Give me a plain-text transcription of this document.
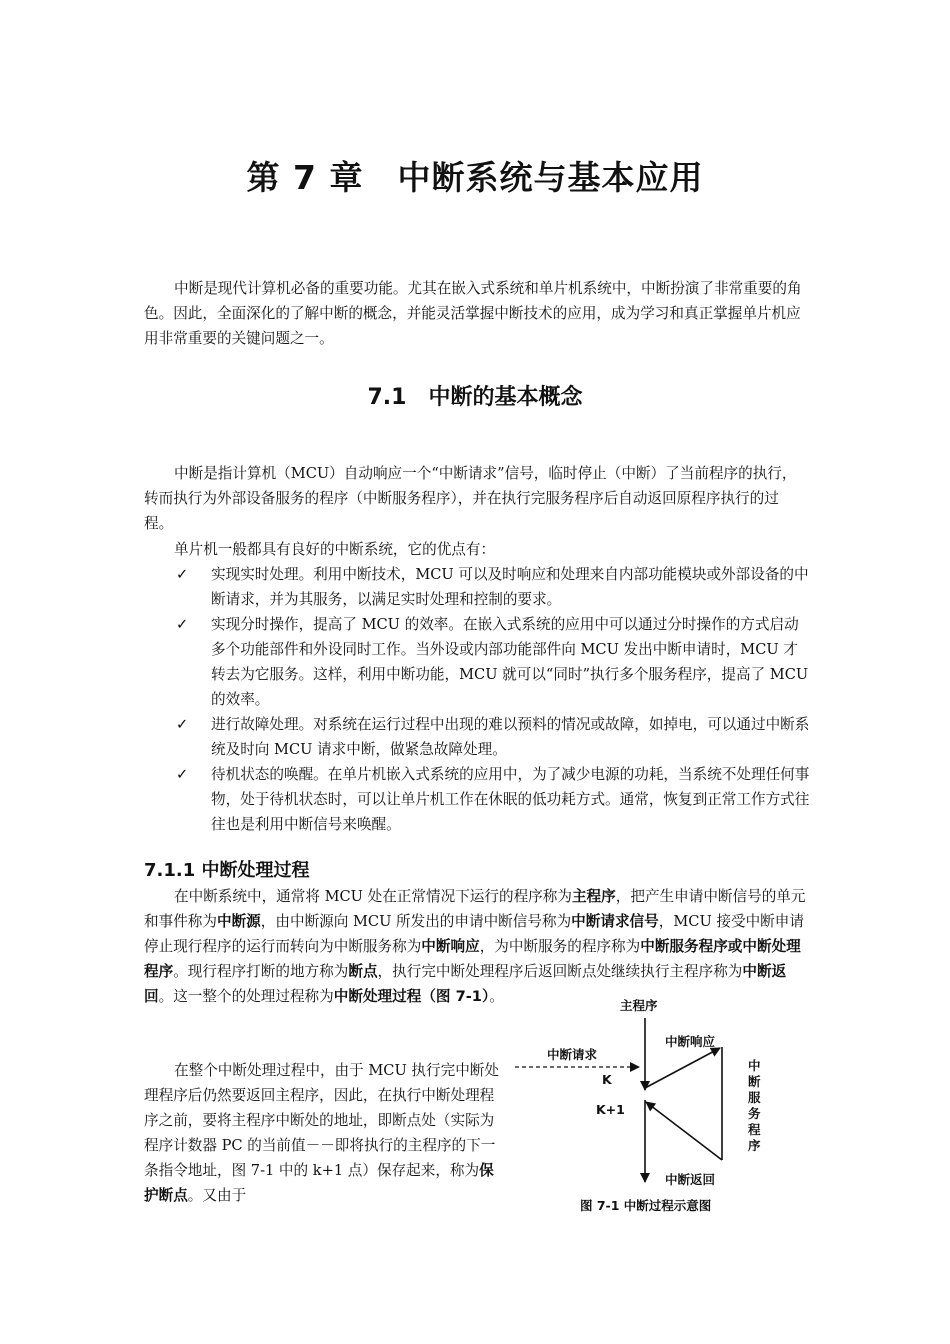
第 7 章　中断系统与基本应用

中断是现代计算机必备的重要功能。尤其在嵌入式系统和单片机系统中，中断扮演了非常重要的角色。因此，全面深化的了解中断的概念，并能灵活掌握中断技术的应用，成为学习和真正掌握单片机应用非常重要的关键问题之一。

7.1　中断的基本概念

中断是指计算机（MCU）自动响应一个“中断请求”信号，临时停止（中断）了当前程序的执行，转而执行为外部设备服务的程序（中断服务程序），并在执行完服务程序后自动返回原程序执行的过程。

单片机一般都具有良好的中断系统，它的优点有：

✓ 实现实时处理。利用中断技术，MCU 可以及时响应和处理来自内部功能模块或外部设备的中断请求，并为其服务，以满足实时处理和控制的要求。
✓ 实现分时操作，提高了 MCU 的效率。在嵌入式系统的应用中可以通过分时操作的方式启动多个功能部件和外设同时工作。当外设或内部功能部件向 MCU 发出中断申请时，MCU 才转去为它服务。这样，利用中断功能，MCU 就可以“同时”执行多个服务程序，提高了 MCU 的效率。
✓ 进行故障处理。对系统在运行过程中出现的难以预料的情况或故障，如掉电，可以通过中断系统及时向 MCU 请求中断，做紧急故障处理。
✓ 待机状态的唤醒。在单片机嵌入式系统的应用中，为了减少电源的功耗，当系统不处理任何事物，处于待机状态时，可以让单片机工作在休眠的低功耗方式。通常，恢复到正常工作方式往往也是利用中断信号来唤醒。
7.1.1 中断处理过程

在中断系统中，通常将 MCU 处在正常情况下运行的程序称为主程序，把产生申请中断信号的单元和事件称为中断源，由中断源向 MCU 所发出的申请中断信号称为中断请求信号，MCU 接受中断申请停止现行程序的运行而转向为中断服务称为中断响应，为中断服务的程序称为中断服务程序或中断处理程序。现行程序打断的地方称为断点，执行完中断处理程序后返回断点处继续执行主程序称为中断返回。这一整个的处理过程称为中断处理过程（图 7-1）。

在整个中断处理过程中，由于 MCU 执行完中断处理程序后仍然要返回主程序，因此，在执行中断处理程序之前，要将主程序中断处的地址，即断点处（实际为程序计数器 PC 的当前值－－即将执行的主程序的下一条指令地址，图 7-1 中的 k+1 点）保存起来，称为保护断点。又由于

主程序
中断请求
中断响应
K
K+1
中断返回
中
断
服
务
程
序
图 7-1 中断过程示意图
